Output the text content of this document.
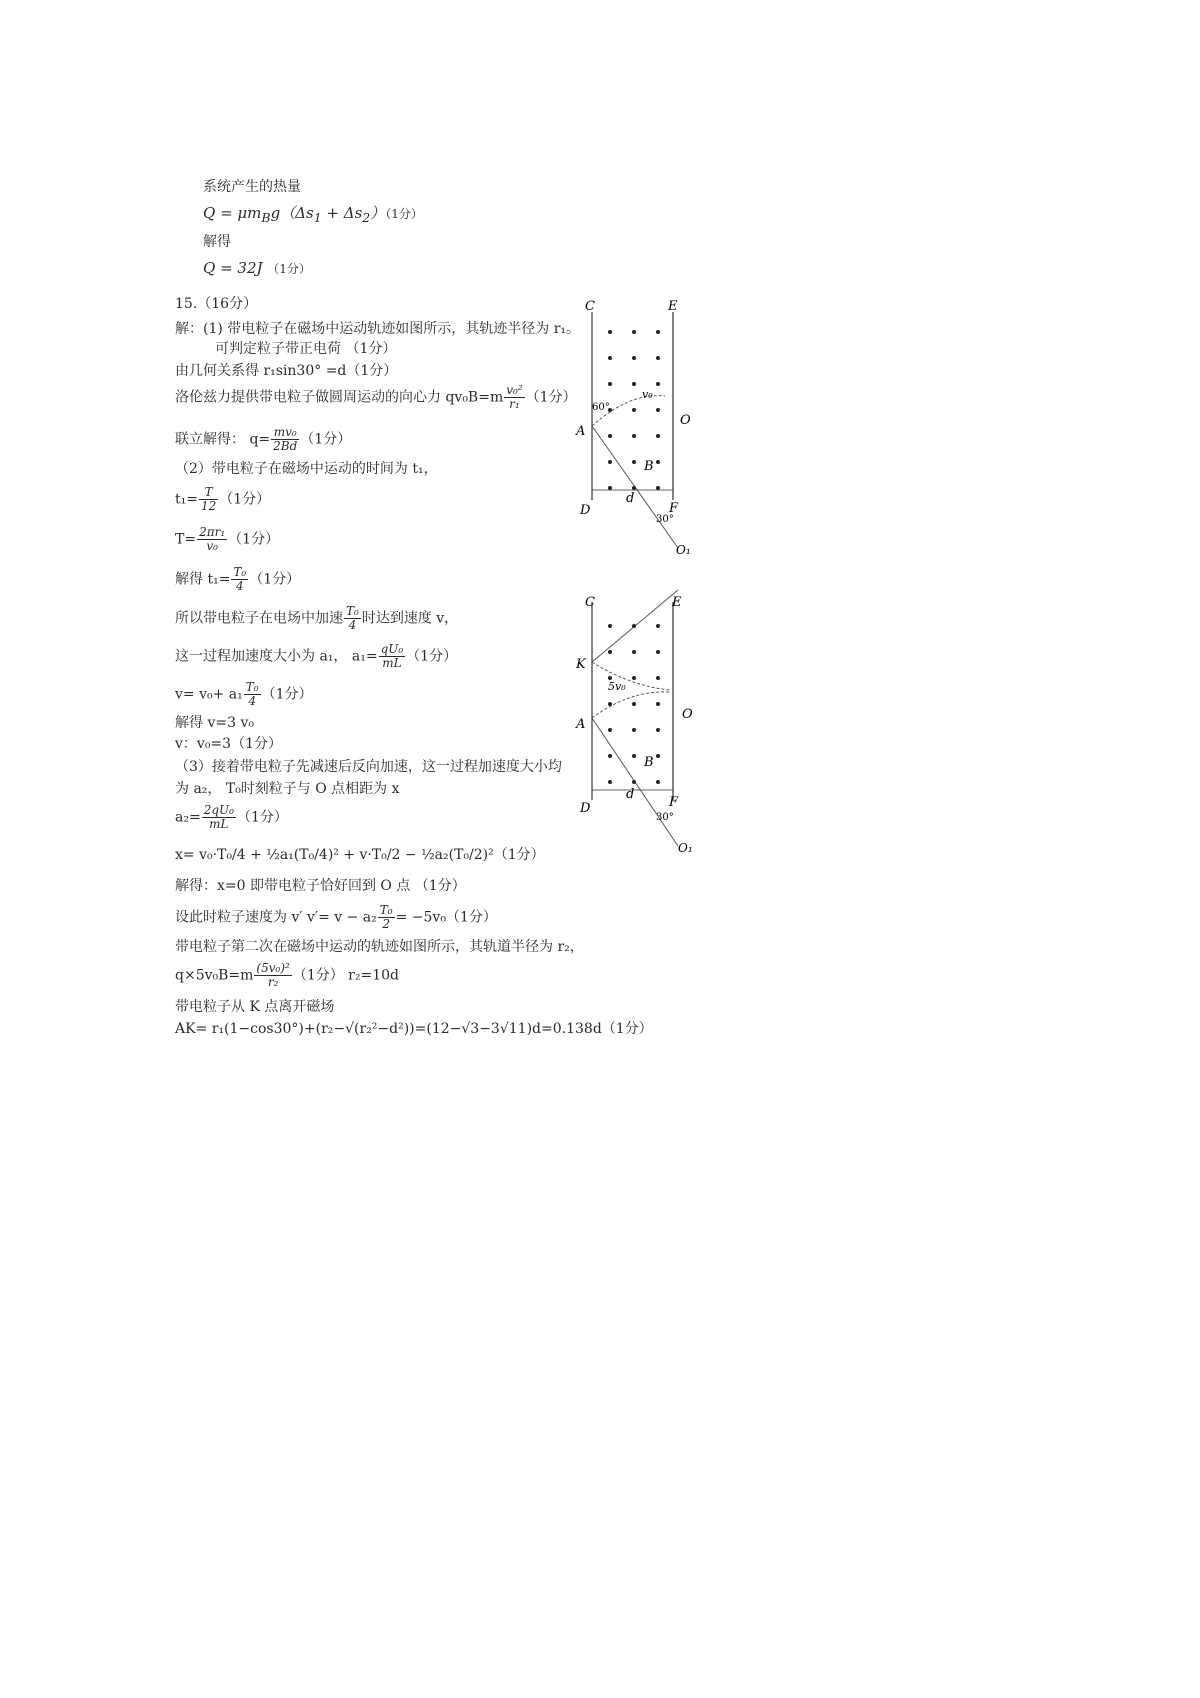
系统产生的热量
$Q = \mu m_Bg(\Delta s_1 + \Delta s_2)(1$分）
解得
Q = 32J （1分）
15.（16分）
解：(1) 带电粒子在磁场中运动轨迹如图所示，其轨迹半径为 r₁。
可判定粒子带正电荷 （1分）
由几何关系得 r₁sin30° =d（1分）
洛伦兹力提供带电粒子做圆周运动的向心力 $qv_0B=m \frac{\text{v₀²}}{\text{r₁}} (1$分）
联立解得： $q= \frac{\text{mv₀}}{2Bd} (1$分）
（2）带电粒子在磁场中运动的时间为 t₁，
$t_1= \frac{T}{12} (1$分）
$T= \frac{\text{2πr₁}}{\text{v₀}} (1$分）
解得 $t_1= \frac{\text{T₀}}{4} (1$分）
所以带电粒子在电场中加速 $\frac{\text{T₀}}{4}$ 时达到速度 v，
这一过程加速度大小为 a₁， $a_1= \frac{\text{qU₀}}{mL} (1$分）
$v= v_0+ a_1 \frac{\text{T₀}}{4} (1$分）
解得 v=3 v₀
v：v₀=3（1分）
（3）接着带电粒子先减速后反向加速，这一过程加速度大小均
为 a₂， T₀时刻粒子与 O 点相距为 x
$a_2= \frac{\text{2qU₀}}{mL} (1$分）
x= v₀·T₀/4 + ½a₁(T₀/4)² + v·T₀/2 − ½a₂(T₀/2)²（1分）
解得：x=0 即带电粒子恰好回到 O 点 （1分）
设此时粒子速度为 v′ $v'= v - a_2 \frac{\text{T₀}}{2} = -5v_0(1$分）
带电粒子第二次在磁场中运动的轨迹如图所示，其轨道半径为 r₂，
$q\times 5v_0B=m \frac{\text{(5v₀)²}}{\text{r₂}} (1$分） r₂=10d
带电粒子从 K 点离开磁场
AK= r₁(1−cos30°)+(r₂−√(r₂²−d²))=(12−√3−3√11)d=0.138d（1分）
C	E
A
O
B
D	F
d
O₁
60°
30°
v₀
C	E
K
A
O
B
D	F
d
O₁
30°
5v₀
